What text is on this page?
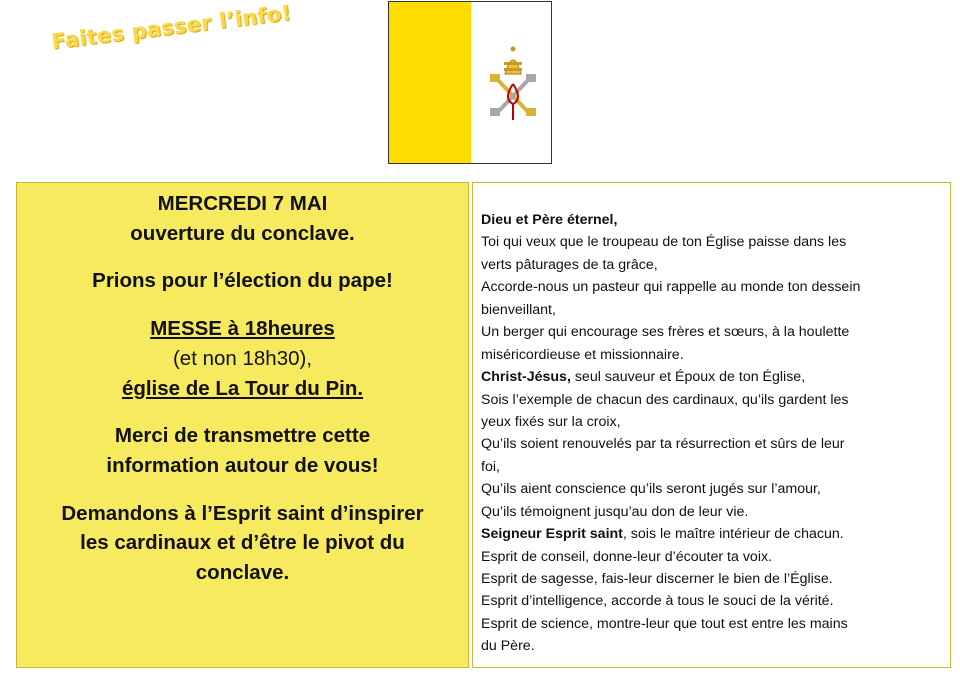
Faites passer l’info!

MERCREDI 7 MAI

ouverture du conclave.

Prions pour l’élection du pape!

MESSE à 18heures

(et non 18h30),

église de La Tour du Pin.

Merci de transmettre cette

information autour de vous!

Demandons à l’Esprit saint d’inspirer

les cardinaux et d’être le pivot du

conclave.

Dieu et Père éternel,
Toi qui veux que le troupeau de ton Église paisse dans les
verts pâturages de ta grâce,
Accorde-nous un pasteur qui rappelle au monde ton dessein
bienveillant,
Un berger qui encourage ses frères et sœurs, à la houlette
miséricordieuse et missionnaire.
Christ-Jésus, seul sauveur et Époux de ton Église,
Sois l’exemple de chacun des cardinaux, qu’ils gardent les
yeux fixés sur la croix,
Qu’ils soient renouvelés par ta résurrection et sûrs de leur
foi,
Qu’ils aient conscience qu’ils seront jugés sur l’amour,
Qu’ils témoignent jusqu’au don de leur vie.
Seigneur Esprit saint, sois le maître intérieur de chacun.
Esprit de conseil, donne-leur d’écouter ta voix.
Esprit de sagesse, fais-leur discerner le bien de l’Église.
Esprit d’intelligence, accorde à tous le souci de la vérité.
Esprit de science, montre-leur que tout est entre les mains
du Père.
